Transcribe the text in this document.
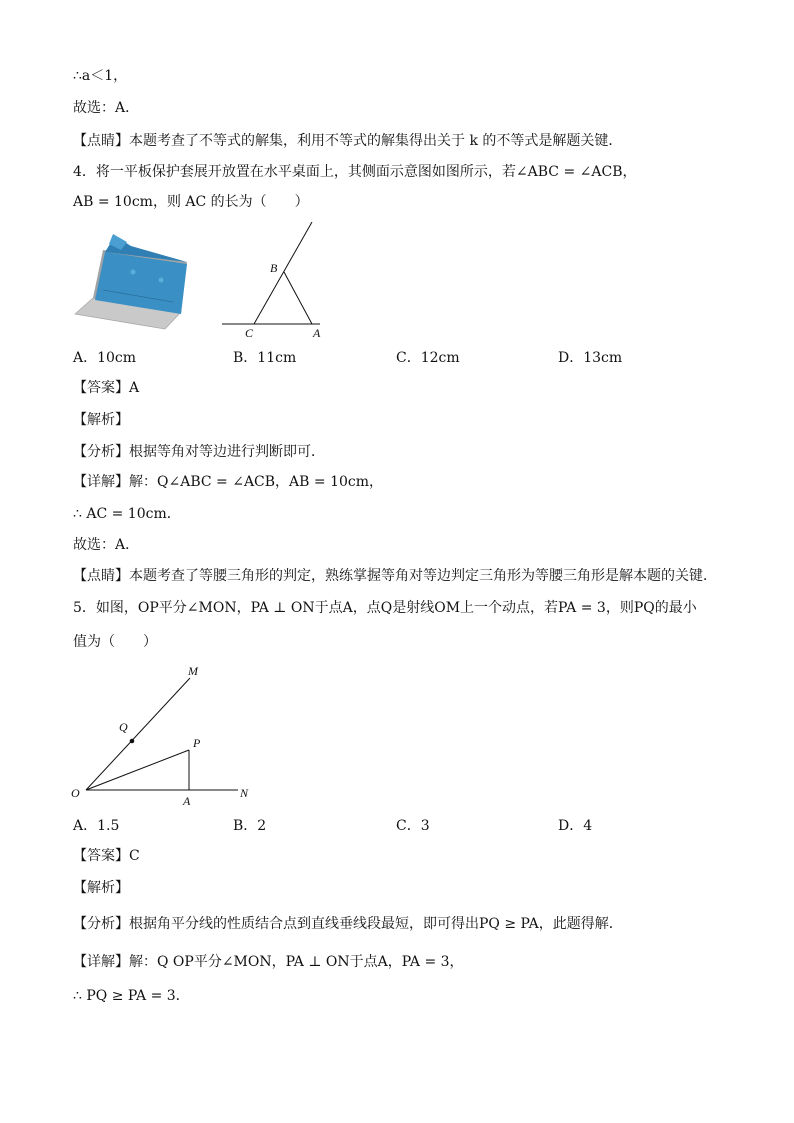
∴a＜1，
故选：A．
【点睛】本题考查了不等式的解集，利用不等式的解集得出关于 k 的不等式是解题关键．
4．将一平板保护套展开放置在水平桌面上，其侧面示意图如图所示，若∠ABC = ∠ACB，
AB = 10cm，则 AC 的长为（　　）
B
C	A
A．10cm	B．11cm	C．12cm	D．13cm
【答案】A
【解析】
【分析】根据等角对等边进行判断即可．
【详解】解：Q∠ABC = ∠ACB，AB = 10cm，
∴ AC = 10cm．
故选：A．
【点睛】本题考查了等腰三角形的判定，熟练掌握等角对等边判定三角形为等腰三角形是解本题的关键．
5．如图，OP平分∠MON，PA ⊥ ON于点A，点Q是射线OM上一个动点，若PA = 3，则PQ的最小
值为（　　）
M
Q
P
O
A
N
A．1.5	B．2	C．3	D．4
【答案】C
【解析】
【分析】根据角平分线的性质结合点到直线垂线段最短，即可得出PQ ≥ PA，此题得解．
【详解】解：Q OP平分∠MON，PA ⊥ ON于点A，PA = 3，
∴ PQ ≥ PA = 3．
